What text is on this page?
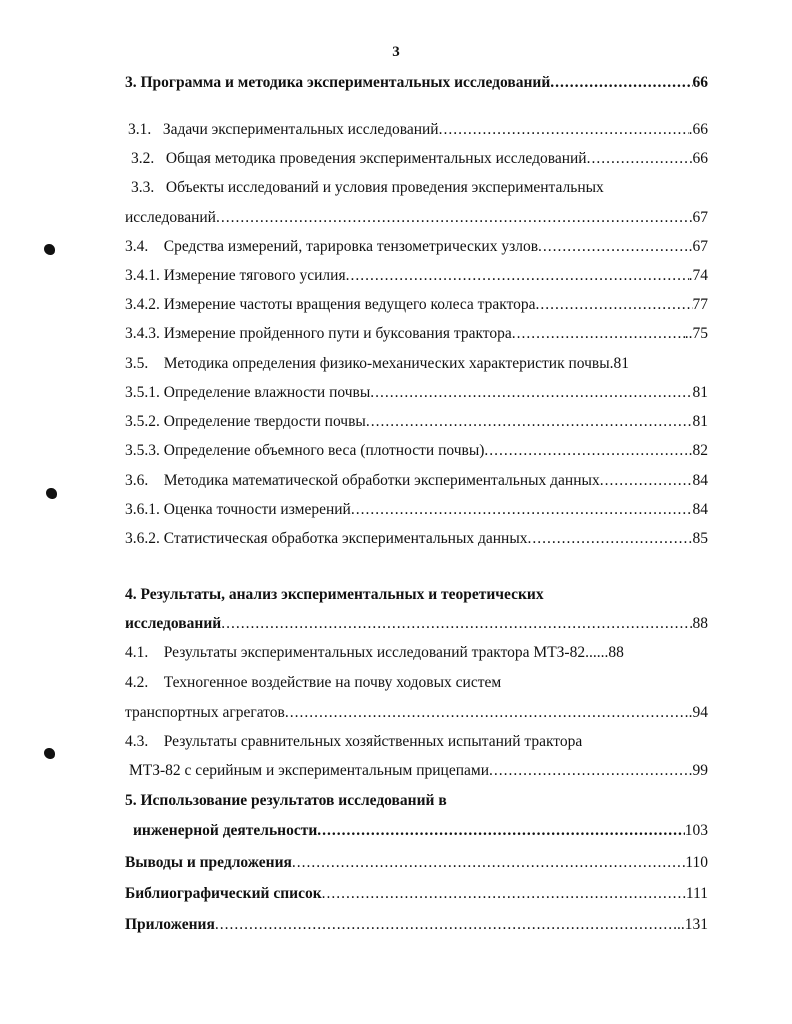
3
3. Программа и методика экспериментальных исследований .....	66
3.1.   Задачи экспериментальных исследований .....	.66
3.2.   Общая методика проведения экспериментальных исследований .....	66
3.3.   Объекты исследований и условия проведения экспериментальных
исследований .....	67
3.4.    Средства измерений, тарировка тензометрических узлов .....	.67
3.4.1. Измерение тягового усилия .....	.74
3.4.2. Измерение частоты вращения ведущего колеса трактора .....	77
3.4.3. Измерение пройденного пути и буксования трактора .....	..75
3.5.    Методика определения физико-механических характеристик почвы.81
3.5.1. Определение влажности почвы .....	81
3.5.2. Определение твердости почвы .....	81
3.5.3. Определение объемного веса (плотности почвы) .....	.82
3.6.    Методика математической обработки экспериментальных данных .....	84
3.6.1. Оценка точности измерений .....	84
3.6.2. Статистическая обработка экспериментальных данных .....	85
4. Результаты, анализ экспериментальных и теоретических
исследований .....	88
4.1.    Результаты экспериментальных исследований трактора МТЗ-82 ......88
4.2.    Техногенное воздействие на почву ходовых систем
транспортных агрегатов .....	.94
4.3.    Результаты сравнительных хозяйственных испытаний трактора
МТЗ-82 с серийным и экспериментальным прицепами .....	.99
5. Использование результатов исследований в
инженерной деятельности .....	103
Выводы и предложения .....	110
Библиографический список .....	111
Приложения .....	...131
